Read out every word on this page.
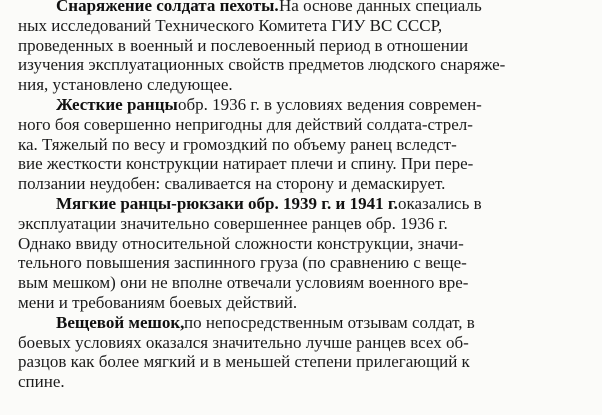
Снаряжение солдата пехоты. На основе данных специаль
ных исследований Технического Комитета ГИУ ВС СССР,
проведенных в военный и послевоенный период в отношении
изучения эксплуатационных свойств предметов людского снаряже-
ния, установлено следующее.
Жесткие ранцы обр. 1936 г. в условиях ведения современ-
ного боя совершенно непригодны для действий солдата-стрел-
ка. Тяжелый по весу и громоздкий по объему ранец вследст-
вие жесткости конструкции натирает плечи и спину. При пере-
ползании неудобен: сваливается на сторону и демаскирует.
Мягкие ранцы-рюкзаки обр. 1939 г. и 1941 г. оказались в
эксплуатации значительно совершеннее ранцев обр. 1936 г.
Однако ввиду относительной сложности конструкции, значи-
тельного повышения заспинного груза (по сравнению с веще-
вым мешком) они не вполне отвечали условиям военного вре-
мени и требованиям боевых действий.
Вещевой мешок, по непосредственным отзывам солдат, в
боевых условиях оказался значительно лучше ранцев всех об-
разцов как более мягкий и в меньшей степени прилегающий к
спине.
